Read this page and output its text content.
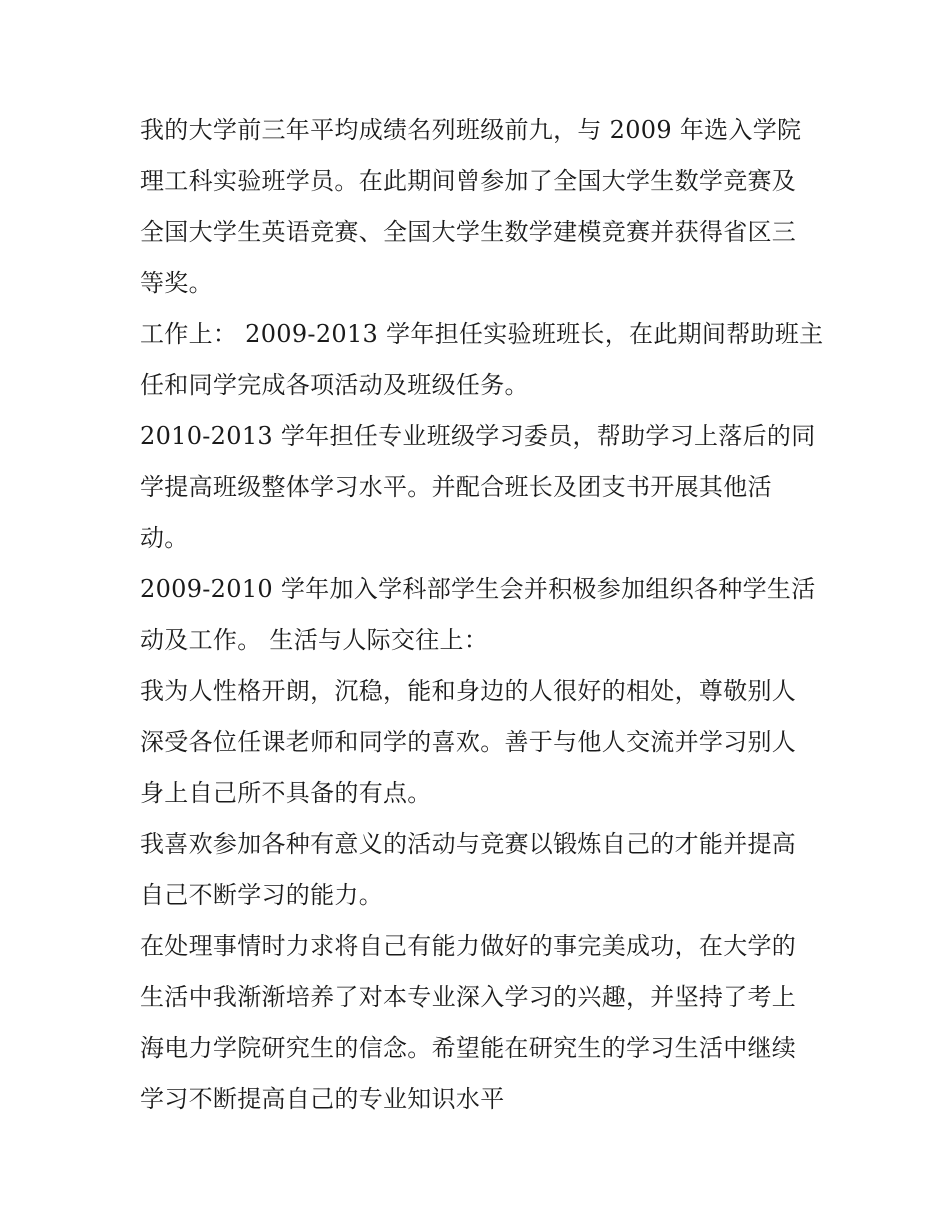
我的大学前三年平均成绩名列班级前九，与 2009 年选入学院
理工科实验班学员。在此期间曾参加了全国大学生数学竞赛及
全国大学生英语竞赛、全国大学生数学建模竞赛并获得省区三
等奖。
工作上： 2009-2013 学年担任实验班班长，在此期间帮助班主
任和同学完成各项活动及班级任务。
2010-2013 学年担任专业班级学习委员，帮助学习上落后的同
学提高班级整体学习水平。并配合班长及团支书开展其他活
动。
2009-2010 学年加入学科部学生会并积极参加组织各种学生活
动及工作。 生活与人际交往上：
我为人性格开朗，沉稳，能和身边的人很好的相处，尊敬别人
深受各位任课老师和同学的喜欢。善于与他人交流并学习别人
身上自己所不具备的有点。
我喜欢参加各种有意义的活动与竞赛以锻炼自己的才能并提高
自己不断学习的能力。
在处理事情时力求将自己有能力做好的事完美成功，在大学的
生活中我渐渐培养了对本专业深入学习的兴趣，并坚持了考上
海电力学院研究生的信念。希望能在研究生的学习生活中继续
学习不断提高自己的专业知识水平
